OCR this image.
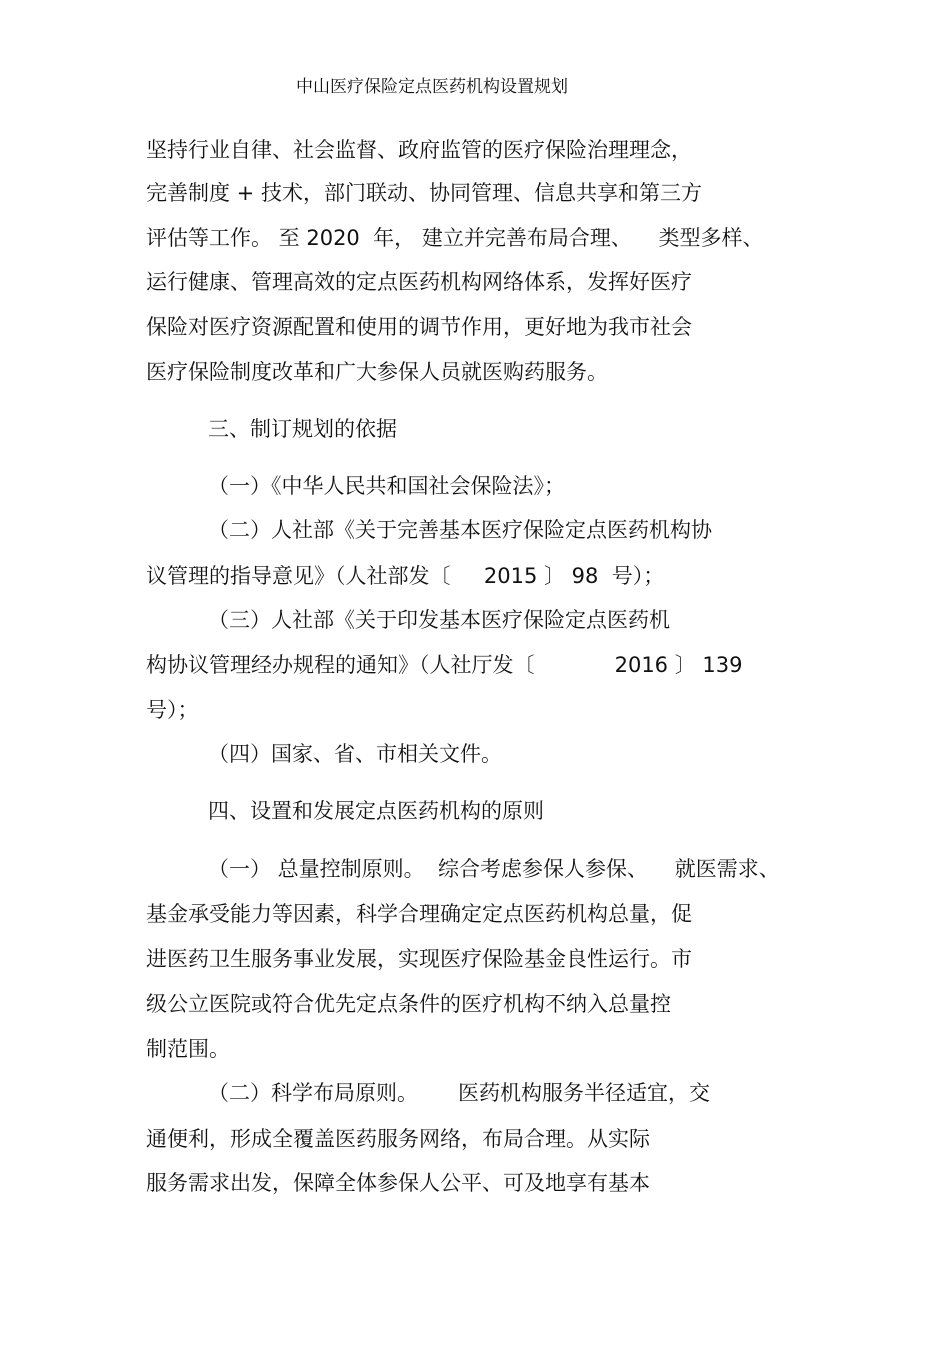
中山医疗保险定点医药机构设置规划

坚持行业自律、社会监督、政府监管的医疗保险治理理念，

完善制度 + 技术，部门联动、协同管理、信息共享和第三方

评估等工作。 至 2020  年， 建立并完善布局合理、    类型多样、

运行健康、管理高效的定点医药机构网络体系，发挥好医疗

保险对医疗资源配置和使用的调节作用，更好地为我市社会

医疗保险制度改革和广大参保人员就医购药服务。

三、制订规划的依据

（一）《中华人民共和国社会保险法》；

（二）人社部《关于完善基本医疗保险定点医药机构协

议管理的指导意见》（人社部发〔     2015 〕 98  号）；

（三）人社部《关于印发基本医疗保险定点医药机

构协议管理经办规程的通知》（人社厅发〔            2016 〕 139

号）；

（四）国家、省、市相关文件。

四、设置和发展定点医药机构的原则

（一） 总量控制原则。  综合考虑参保人参保、    就医需求、

基金承受能力等因素，科学合理确定定点医药机构总量，促

进医药卫生服务事业发展，实现医疗保险基金良性运行。市

级公立医院或符合优先定点条件的医疗机构不纳入总量控

制范围。

（二）科学布局原则。      医药机构服务半径适宜，交

通便利，形成全覆盖医药服务网络，布局合理。从实际

服务需求出发，保障全体参保人公平、可及地享有基本
